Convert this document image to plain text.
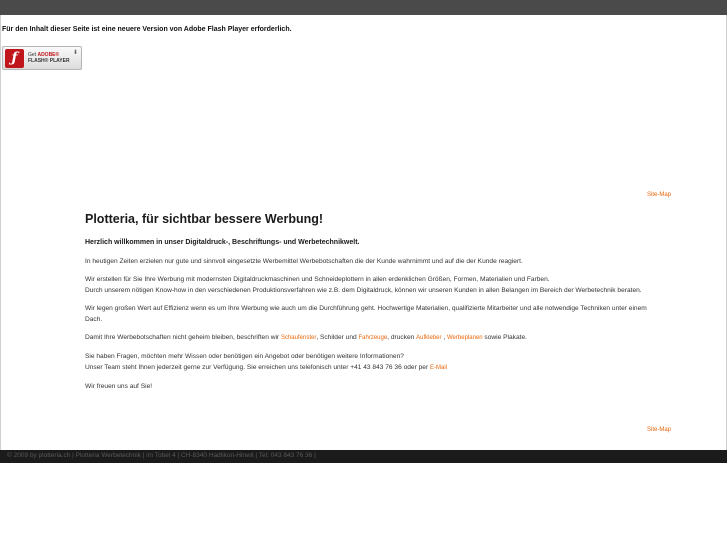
Für den Inhalt dieser Seite ist eine neuere Version von Adobe Flash Player erforderlich.
ƒ	Get ADOBE®
FLASH® PLAYER
⬇
Site-Map
Plotteria, für sichtbar bessere Werbung!
Herzlich willkommen in unser Digitaldruck-, Beschriftungs- und Werbetechnikwelt.

In heutigen Zeiten erzielen nur gute und sinnvoll eingesetzte Werbemittel Werbebotschaften die der Kunde wahrnimmt und auf die der Kunde reagiert.

Wir erstellen für Sie Ihre Werbung mit modernsten Digitaldruckmaschinen und Schneideplottern in allen erdenklichen Größen, Formen, Materialien und Farben.
Durch unserem nötigen Know-how in den verschiedenen Produktionsverfahren wie z.B. dem Digitaldruck, können wir unseren Kunden in allen Belangen im Bereich der Werbetechnik beraten.

Wir legen großen Wert auf Effizienz wenn es um Ihre Werbung wie auch um die Durchführung geht. Hochwertige Materialien, qualifizierte Mitarbeiter und alle notwendige Techniken unter einem Dach.

Damit Ihre Werbebotschaften nicht geheim bleiben, beschriften wir Schaufenster, Schilder und Fahrzeuge, drucken Aufkleber , Werbeplanen sowie Plakate.

Sie haben Fragen, möchten mehr Wissen oder benötigen ein Angebot oder benötigen weitere Informationen?
Unser Team steht Ihnen jederzeit gerne zur Verfügung. Sie erreichen uns telefonisch unter +41 43 843 76 36 oder per E-Mail

Wir freuen uns auf Sie!

Site-Map
© 2009 by plotteria.ch | Plotteria Werbetechnik | im Tobel 4 | CH-8340 Hadlikon-Hinwil | Tel: 043 843 76 36 |
